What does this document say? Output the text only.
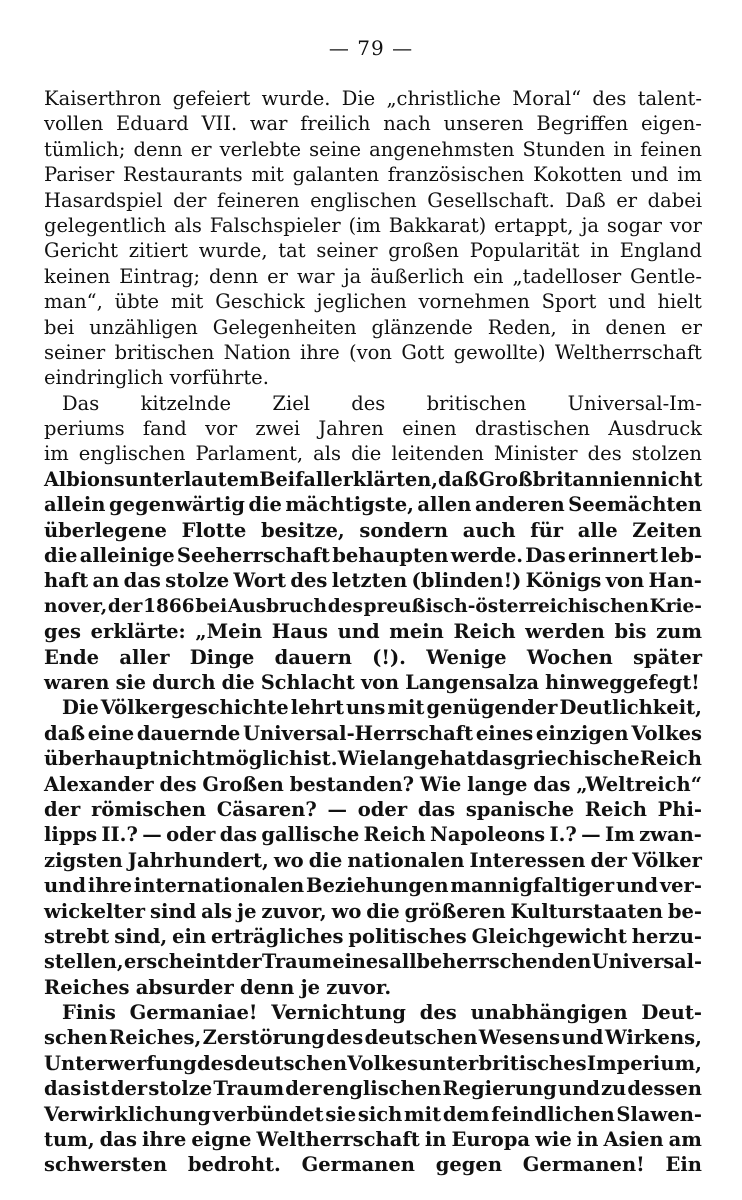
— 79 —
Kaiserthron gefeiert wurde. Die „christliche Moral“ des talent-
vollen Eduard VII. war freilich nach unseren Begriffen eigen-
tümlich; denn er verlebte seine angenehmsten Stunden in feinen
Pariser Restaurants mit galanten französischen Kokotten und im
Hasardspiel der feineren englischen Gesellschaft. Daß er dabei
gelegentlich als Falschspieler (im Bakkarat) ertappt, ja sogar vor
Gericht zitiert wurde, tat seiner großen Popularität in England
keinen Eintrag; denn er war ja äußerlich ein „tadelloser Gentle-
man“, übte mit Geschick jeglichen vornehmen Sport und hielt
bei unzähligen Gelegenheiten glänzende Reden, in denen er
seiner britischen Nation ihre (von Gott gewollte) Weltherrschaft
eindringlich vorführte.
Das kitzelnde Ziel des britischen Universal-Im-
periums fand vor zwei Jahren einen drastischen Ausdruck
im englischen Parlament, als die leitenden Minister des stolzen
Albions unter lautem Beifall erklärten, daß Großbritannien nicht
allein gegenwärtig die mächtigste, allen anderen Seemächten
überlegene Flotte besitze, sondern auch für alle Zeiten
die alleinige Seeherrschaft behaupten werde. Das erinnert leb-
haft an das stolze Wort des letzten (blinden!) Königs von Han-
nover, der 1866 bei Ausbruch des preußisch-österreichischen Krie-
ges erklärte: „Mein Haus und mein Reich werden bis zum
Ende aller Dinge dauern (!). Wenige Wochen später
waren sie durch die Schlacht von Langensalza hinweggefegt!
Die Völkergeschichte lehrt uns mit genügender Deutlichkeit,
daß eine dauernde Universal-Herrschaft eines einzigen Volkes
überhaupt nicht möglich ist. Wie lange hat das griechische Reich
Alexander des Großen bestanden? Wie lange das „Weltreich“
der römischen Cäsaren? — oder das spanische Reich Phi-
lipps II.? — oder das gallische Reich Napoleons I.? — Im zwan-
zigsten Jahrhundert, wo die nationalen Interessen der Völker
und ihre internationalen Beziehungen mannigfaltiger und ver-
wickelter sind als je zuvor, wo die größeren Kulturstaaten be-
strebt sind, ein erträgliches politisches Gleichgewicht herzu-
stellen, erscheint der Traum eines allbeherrschenden Universal-
Reiches absurder denn je zuvor.
Finis Germaniae! Vernichtung des unabhängigen Deut-
schen Reiches, Zerstörung des deutschen Wesens und Wirkens,
Unterwerfung des deutschen Volkes unter britisches Imperium,
das ist der stolze Traum der englischen Regierung und zu dessen
Verwirklichung verbündet sie sich mit dem feindlichen Slawen-
tum, das ihre eigne Weltherrschaft in Europa wie in Asien am
schwersten bedroht. Germanen gegen Germanen! Ein
